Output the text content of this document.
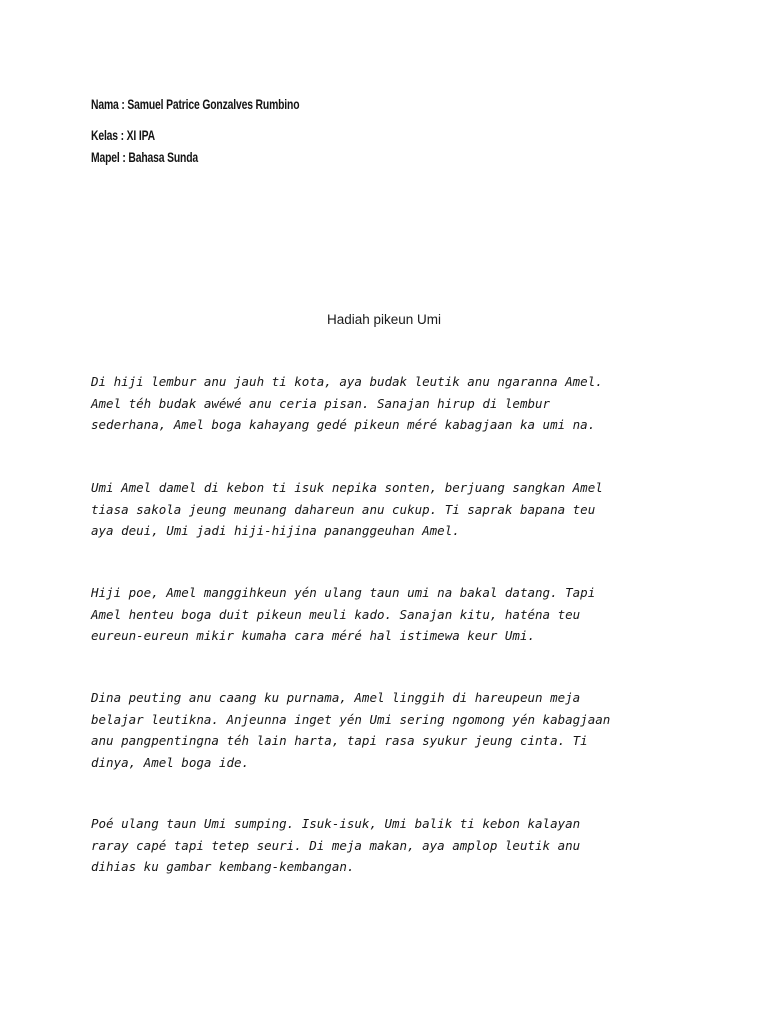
Nama : Samuel Patrice Gonzalves Rumbino

Kelas : XI IPA

Mapel : Bahasa Sunda

Hadiah pikeun Umi

Di hiji lembur anu jauh ti kota, aya budak leutik anu ngaranna Amel.
Amel téh budak awéwé anu ceria pisan. Sanajan hirup di lembur
sederhana, Amel boga kahayang gedé pikeun méré kabagjaan ka umi na.

Umi Amel damel di kebon ti isuk nepika sonten, berjuang sangkan Amel
tiasa sakola jeung meunang dahareun anu cukup. Ti saprak bapana teu
aya deui, Umi jadi hiji-hijina pananggeuhan Amel.

Hiji poe, Amel manggihkeun yén ulang taun umi na bakal datang. Tapi
Amel henteu boga duit pikeun meuli kado. Sanajan kitu, haténa teu
eureun-eureun mikir kumaha cara méré hal istimewa keur Umi.

Dina peuting anu caang ku purnama, Amel linggih di hareupeun meja
belajar leutikna. Anjeunna inget yén Umi sering ngomong yén kabagjaan
anu pangpentingna téh lain harta, tapi rasa syukur jeung cinta. Ti
dinya, Amel boga ide.

Poé ulang taun Umi sumping. Isuk-isuk, Umi balik ti kebon kalayan
raray capé tapi tetep seuri. Di meja makan, aya amplop leutik anu
dihias ku gambar kembang-kembangan.
